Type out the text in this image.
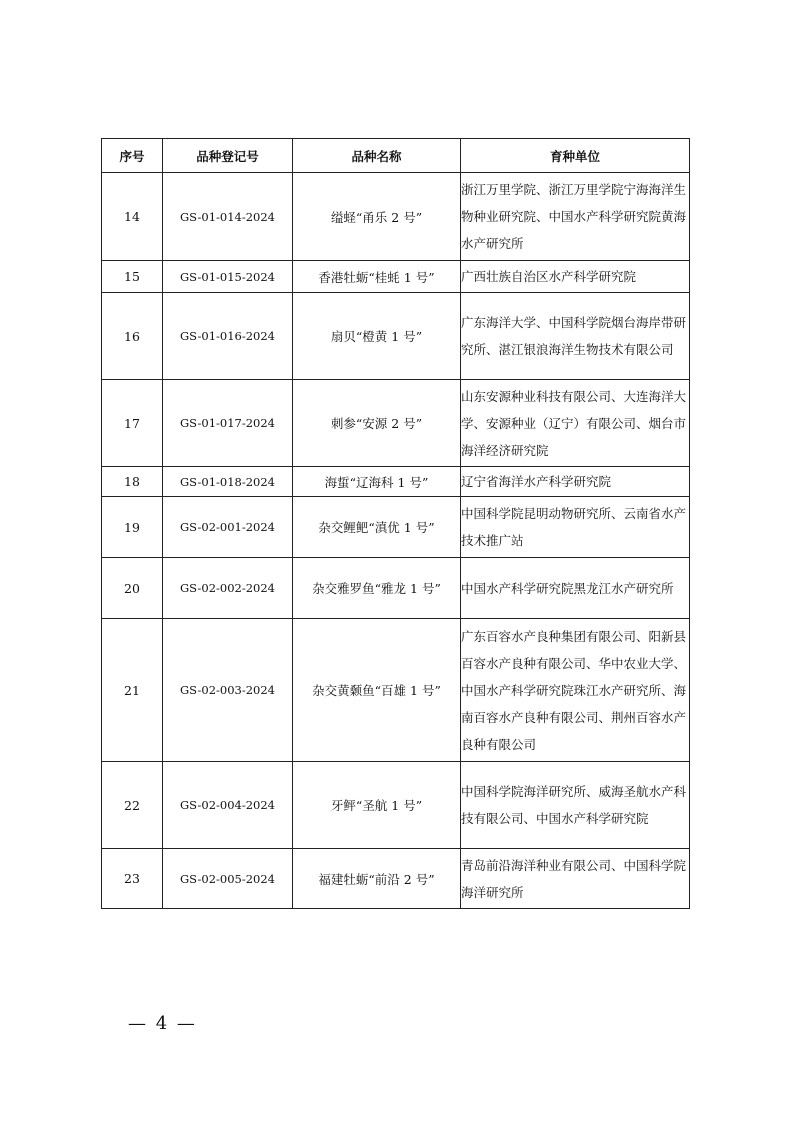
序号	品种登记号	品种名称	育种单位
14	GS-01-014-2024	缢蛏“甬乐 2 号”	浙江万里学院、浙江万里学院宁海海洋生物种业研究院、中国水产科学研究院黄海水产研究所
15	GS-01-015-2024	香港牡蛎“桂蚝 1 号”	广西壮族自治区水产科学研究院
16	GS-01-016-2024	扇贝“橙黄 1 号”	广东海洋大学、中国科学院烟台海岸带研究所、湛江银浪海洋生物技术有限公司
17	GS-01-017-2024	刺参“安源 2 号”	山东安源种业科技有限公司、大连海洋大学、安源种业（辽宁）有限公司、烟台市海洋经济研究院
18	GS-01-018-2024	海蜇“辽海科 1 号”	辽宁省海洋水产科学研究院
19	GS-02-001-2024	杂交鲤鲃“滇优 1 号”	中国科学院昆明动物研究所、云南省水产技术推广站
20	GS-02-002-2024	杂交雅罗鱼“雅龙 1 号”	中国水产科学研究院黑龙江水产研究所
21	GS-02-003-2024	杂交黄颡鱼“百雄 1 号”	广东百容水产良种集团有限公司、阳新县百容水产良种有限公司、华中农业大学、中国水产科学研究院珠江水产研究所、海南百容水产良种有限公司、荆州百容水产良种有限公司
22	GS-02-004-2024	牙鲆“圣航 1 号”	中国科学院海洋研究所、威海圣航水产科技有限公司、中国水产科学研究院
23	GS-02-005-2024	福建牡蛎“前沿 2 号”	青岛前沿海洋种业有限公司、中国科学院海洋研究所
— 4 —
